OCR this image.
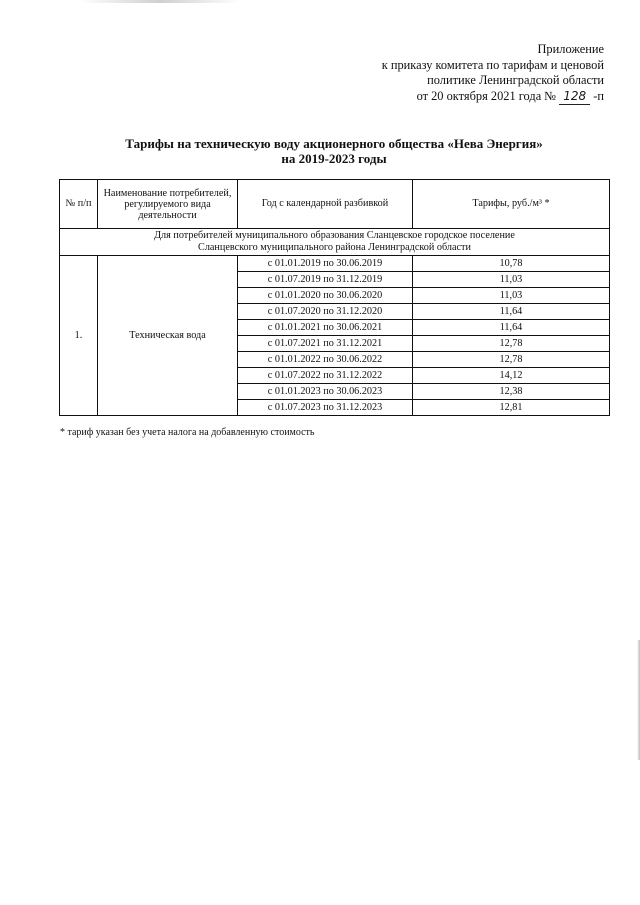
Приложение
к приказу комитета по тарифам и ценовой
политике Ленинградской области
от 20 октября 2021 года № 128 -п
Тарифы на техническую воду акционерного общества «Нева Энергия»
на 2019-2023 годы
№ п/п	Наименование потребителей, регулируемого вида деятельности	Год с календарной разбивкой	Тарифы, руб./м³ *

Для потребителей муниципального образования Сланцевское городское поселение
Сланцевского муниципального района Ленинградской области			

1.	Техническая вода	с 01.01.2019 по 30.06.2019	10,78
		с 01.07.2019 по 31.12.2019	11,03
		с 01.01.2020 по 30.06.2020	11,03
		с 01.07.2020 по 31.12.2020	11,64
		с 01.01.2021 по 30.06.2021	11,64
		с 01.07.2021 по 31.12.2021	12,78
		с 01.01.2022 по 30.06.2022	12,78
		с 01.07.2022 по 31.12.2022	14,12
		с 01.01.2023 по 30.06.2023	12,38
		с 01.07.2023 по 31.12.2023	12,81
* тариф указан без учета налога на добавленную стоимость
